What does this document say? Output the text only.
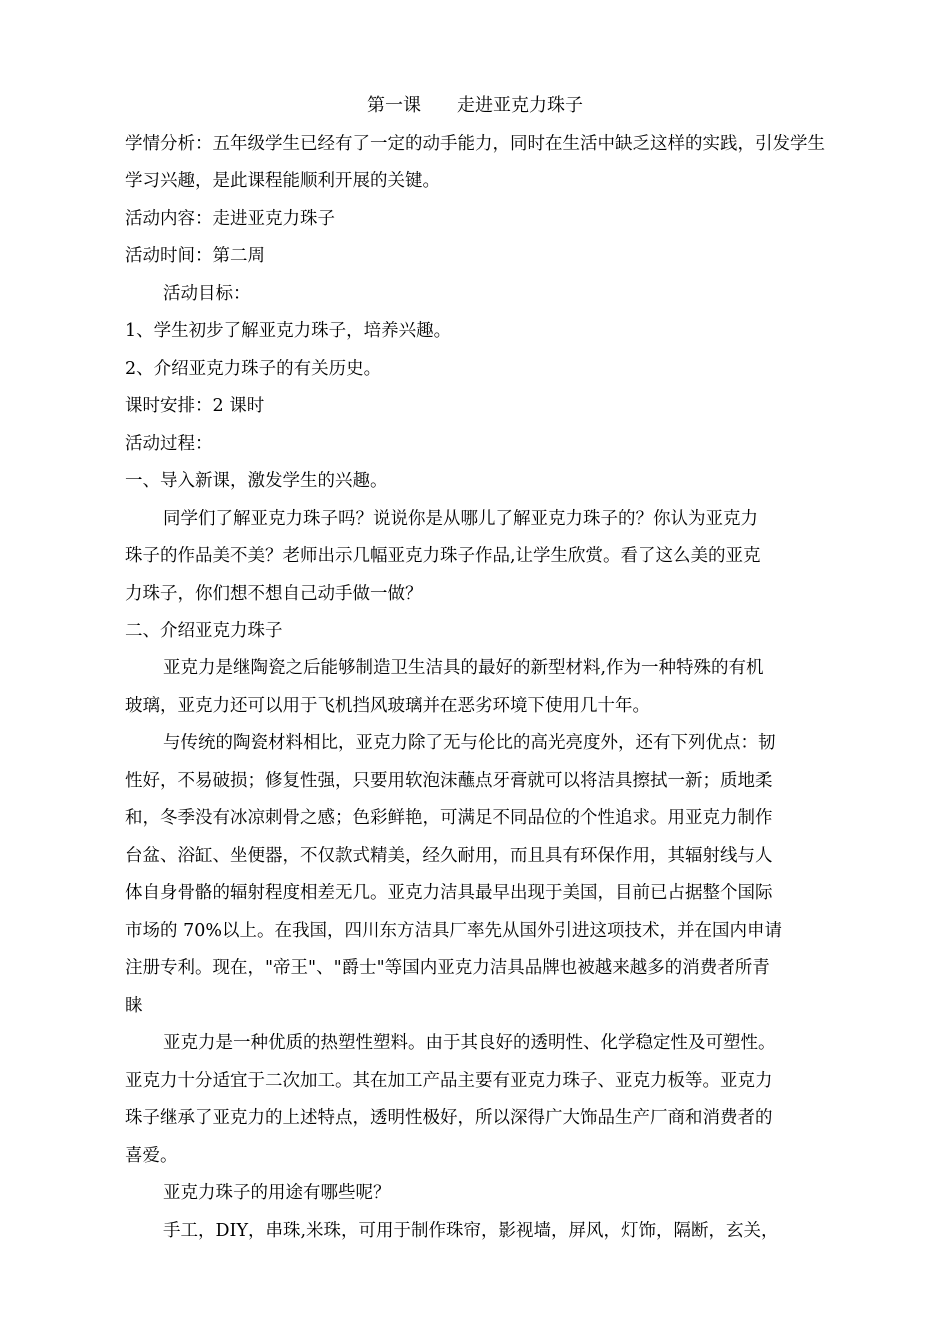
第一课　　走进亚克力珠子
学情分析：五年级学生已经有了一定的动手能力，同时在生活中缺乏这样的实践，引发学生
学习兴趣，是此课程能顺利开展的关键。
活动内容：走进亚克力珠子
活动时间：第二周
活动目标：
1、学生初步了解亚克力珠子，培养兴趣。
2、介绍亚克力珠子的有关历史。
课时安排：2 课时
活动过程：
一、导入新课，激发学生的兴趣。
同学们了解亚克力珠子吗？说说你是从哪儿了解亚克力珠子的？你认为亚克力
珠子的作品美不美？老师出示几幅亚克力珠子作品,让学生欣赏。看了这么美的亚克
力珠子，你们想不想自己动手做一做？
二、介绍亚克力珠子
亚克力是继陶瓷之后能够制造卫生洁具的最好的新型材料,作为一种特殊的有机
玻璃，亚克力还可以用于飞机挡风玻璃并在恶劣环境下使用几十年。
与传统的陶瓷材料相比，亚克力除了无与伦比的高光亮度外，还有下列优点：韧
性好，不易破损；修复性强，只要用软泡沫蘸点牙膏就可以将洁具擦拭一新；质地柔
和，冬季没有冰凉刺骨之感；色彩鲜艳，可满足不同品位的个性追求。用亚克力制作
台盆、浴缸、坐便器，不仅款式精美，经久耐用，而且具有环保作用，其辐射线与人
体自身骨骼的辐射程度相差无几。亚克力洁具最早出现于美国，目前已占据整个国际
市场的 70%以上。在我国，四川东方洁具厂率先从国外引进这项技术，并在国内申请
注册专利。现在，"帝王"、"爵士"等国内亚克力洁具品牌也被越来越多的消费者所青
睐
亚克力是一种优质的热塑性塑料。由于其良好的透明性、化学稳定性及可塑性。
亚克力十分适宜于二次加工。其在加工产品主要有亚克力珠子、亚克力板等。亚克力
珠子继承了亚克力的上述特点，透明性极好，所以深得广大饰品生产厂商和消费者的
喜爱。
亚克力珠子的用途有哪些呢？
手工，DIY，串珠,米珠，可用于制作珠帘，影视墙，屏风，灯饰，隔断，玄关，
